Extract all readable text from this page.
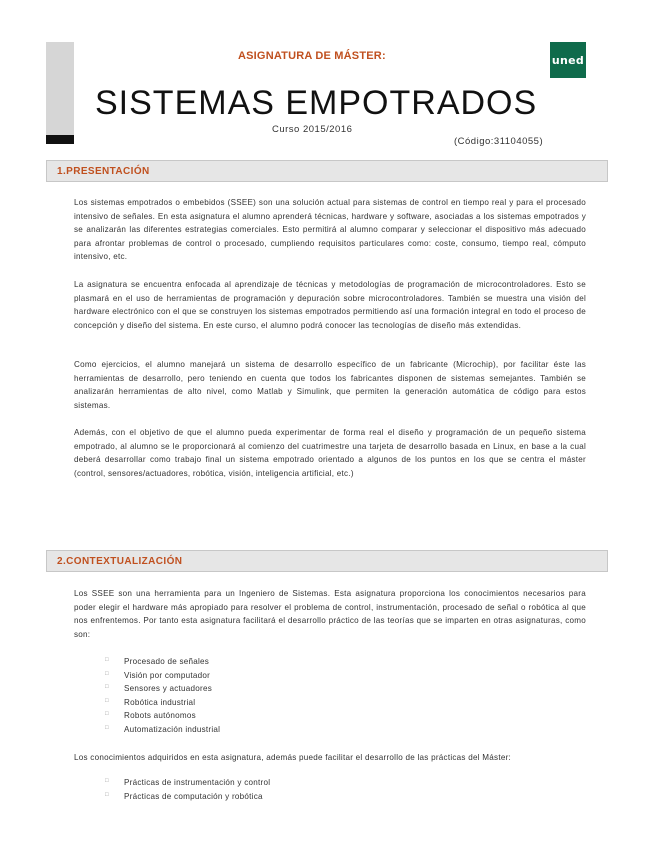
ASIGNATURA DE MÁSTER:	uned
SISTEMAS EMPOTRADOS
Curso 2015/2016
(Código:31104055)
1.PRESENTACIÓN

Los sistemas empotrados o embebidos (SSEE) son una solución actual para sistemas de control en tiempo real y para el procesado intensivo de señales. En esta asignatura el alumno aprenderá técnicas, hardware y software, asociadas a los sistemas empotrados y se analizarán las diferentes estrategias comerciales. Esto permitirá al alumno comparar y seleccionar el dispositivo más adecuado para afrontar problemas de control o procesado, cumpliendo requisitos particulares como: coste, consumo, tiempo real, cómputo intensivo, etc.

La asignatura se encuentra enfocada al aprendizaje de técnicas y metodologías de programación de microcontroladores. Esto se plasmará en el uso de herramientas de programación y depuración sobre microcontroladores. También se muestra una visión del hardware electrónico con el que se construyen los sistemas empotrados permitiendo así una formación integral en todo el proceso de concepción y diseño del sistema. En este curso, el alumno podrá conocer las tecnologías de diseño más extendidas.

Como ejercicios, el alumno manejará un sistema de desarrollo específico de un fabricante (Microchip), por facilitar éste las herramientas de desarrollo, pero teniendo en cuenta que todos los fabricantes disponen de sistemas semejantes. También se analizarán herramientas de alto nivel, como Matlab y Simulink, que permiten la generación automática de código para estos sistemas.

Además, con el objetivo de que el alumno pueda experimentar de forma real el diseño y programación de un pequeño sistema empotrado, al alumno se le proporcionará al comienzo del cuatrimestre una tarjeta de desarrollo basada en Linux, en base a la cual deberá desarrollar como trabajo final un sistema empotrado orientado a algunos de los puntos en los que se centra el máster (control, sensores/actuadores, robótica, visión, inteligencia artificial, etc.)

2.CONTEXTUALIZACIÓN

Los SSEE son una herramienta para un Ingeniero de Sistemas. Esta asignatura proporciona los conocimientos necesarios para poder elegir el hardware más apropiado para resolver el problema de control, instrumentación, procesado de señal o robótica al que nos enfrentemos. Por tanto esta asignatura facilitará el desarrollo práctico de las teorías que se imparten en otras asignaturas, como son:

□ Procesado de señales
□ Visión por computador
□ Sensores y actuadores
□ Robótica industrial
□ Robots autónomos
□ Automatización industrial

Los conocimientos adquiridos en esta asignatura, además puede facilitar el desarrollo de las prácticas del Máster:

□ Prácticas de instrumentación y control
□ Prácticas de computación y robótica
